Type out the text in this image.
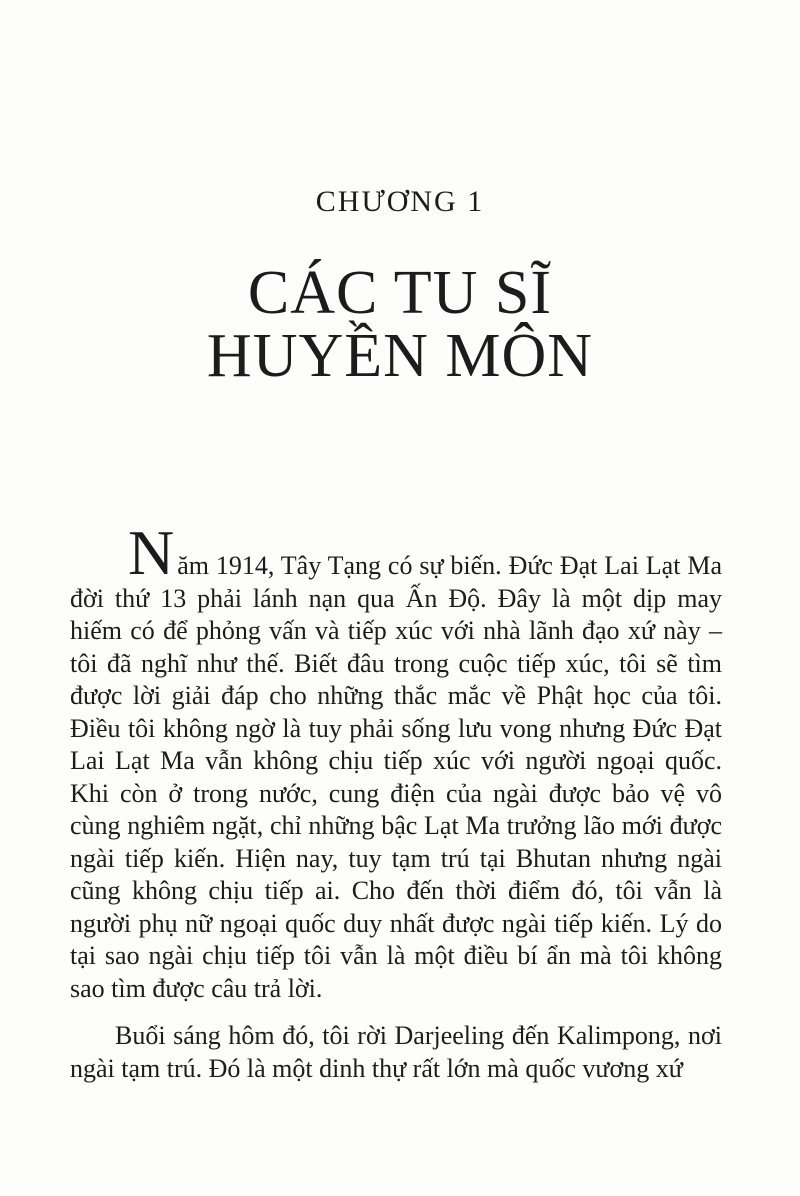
CHƯƠNG 1
CÁC TU SĨ
HUYỀN MÔN

Năm 1914, Tây Tạng có sự biến. Đức Đạt Lai Lạt Ma đời thứ 13 phải lánh nạn qua Ấn Độ. Đây là một dịp may hiếm có để phỏng vấn và tiếp xúc với nhà lãnh đạo xứ này – tôi đã nghĩ như thế. Biết đâu trong cuộc tiếp xúc, tôi sẽ tìm được lời giải đáp cho những thắc mắc về Phật học của tôi. Điều tôi không ngờ là tuy phải sống lưu vong nhưng Đức Đạt Lai Lạt Ma vẫn không chịu tiếp xúc với người ngoại quốc. Khi còn ở trong nước, cung điện của ngài được bảo vệ vô cùng nghiêm ngặt, chỉ những bậc Lạt Ma trưởng lão mới được ngài tiếp kiến. Hiện nay, tuy tạm trú tại Bhutan nhưng ngài cũng không chịu tiếp ai. Cho đến thời điểm đó, tôi vẫn là người phụ nữ ngoại quốc duy nhất được ngài tiếp kiến. Lý do tại sao ngài chịu tiếp tôi vẫn là một điều bí ẩn mà tôi không sao tìm được câu trả lời.

Buổi sáng hôm đó, tôi rời Darjeeling đến Kalimpong, nơi ngài tạm trú. Đó là một dinh thự rất lớn mà quốc vương xứ
